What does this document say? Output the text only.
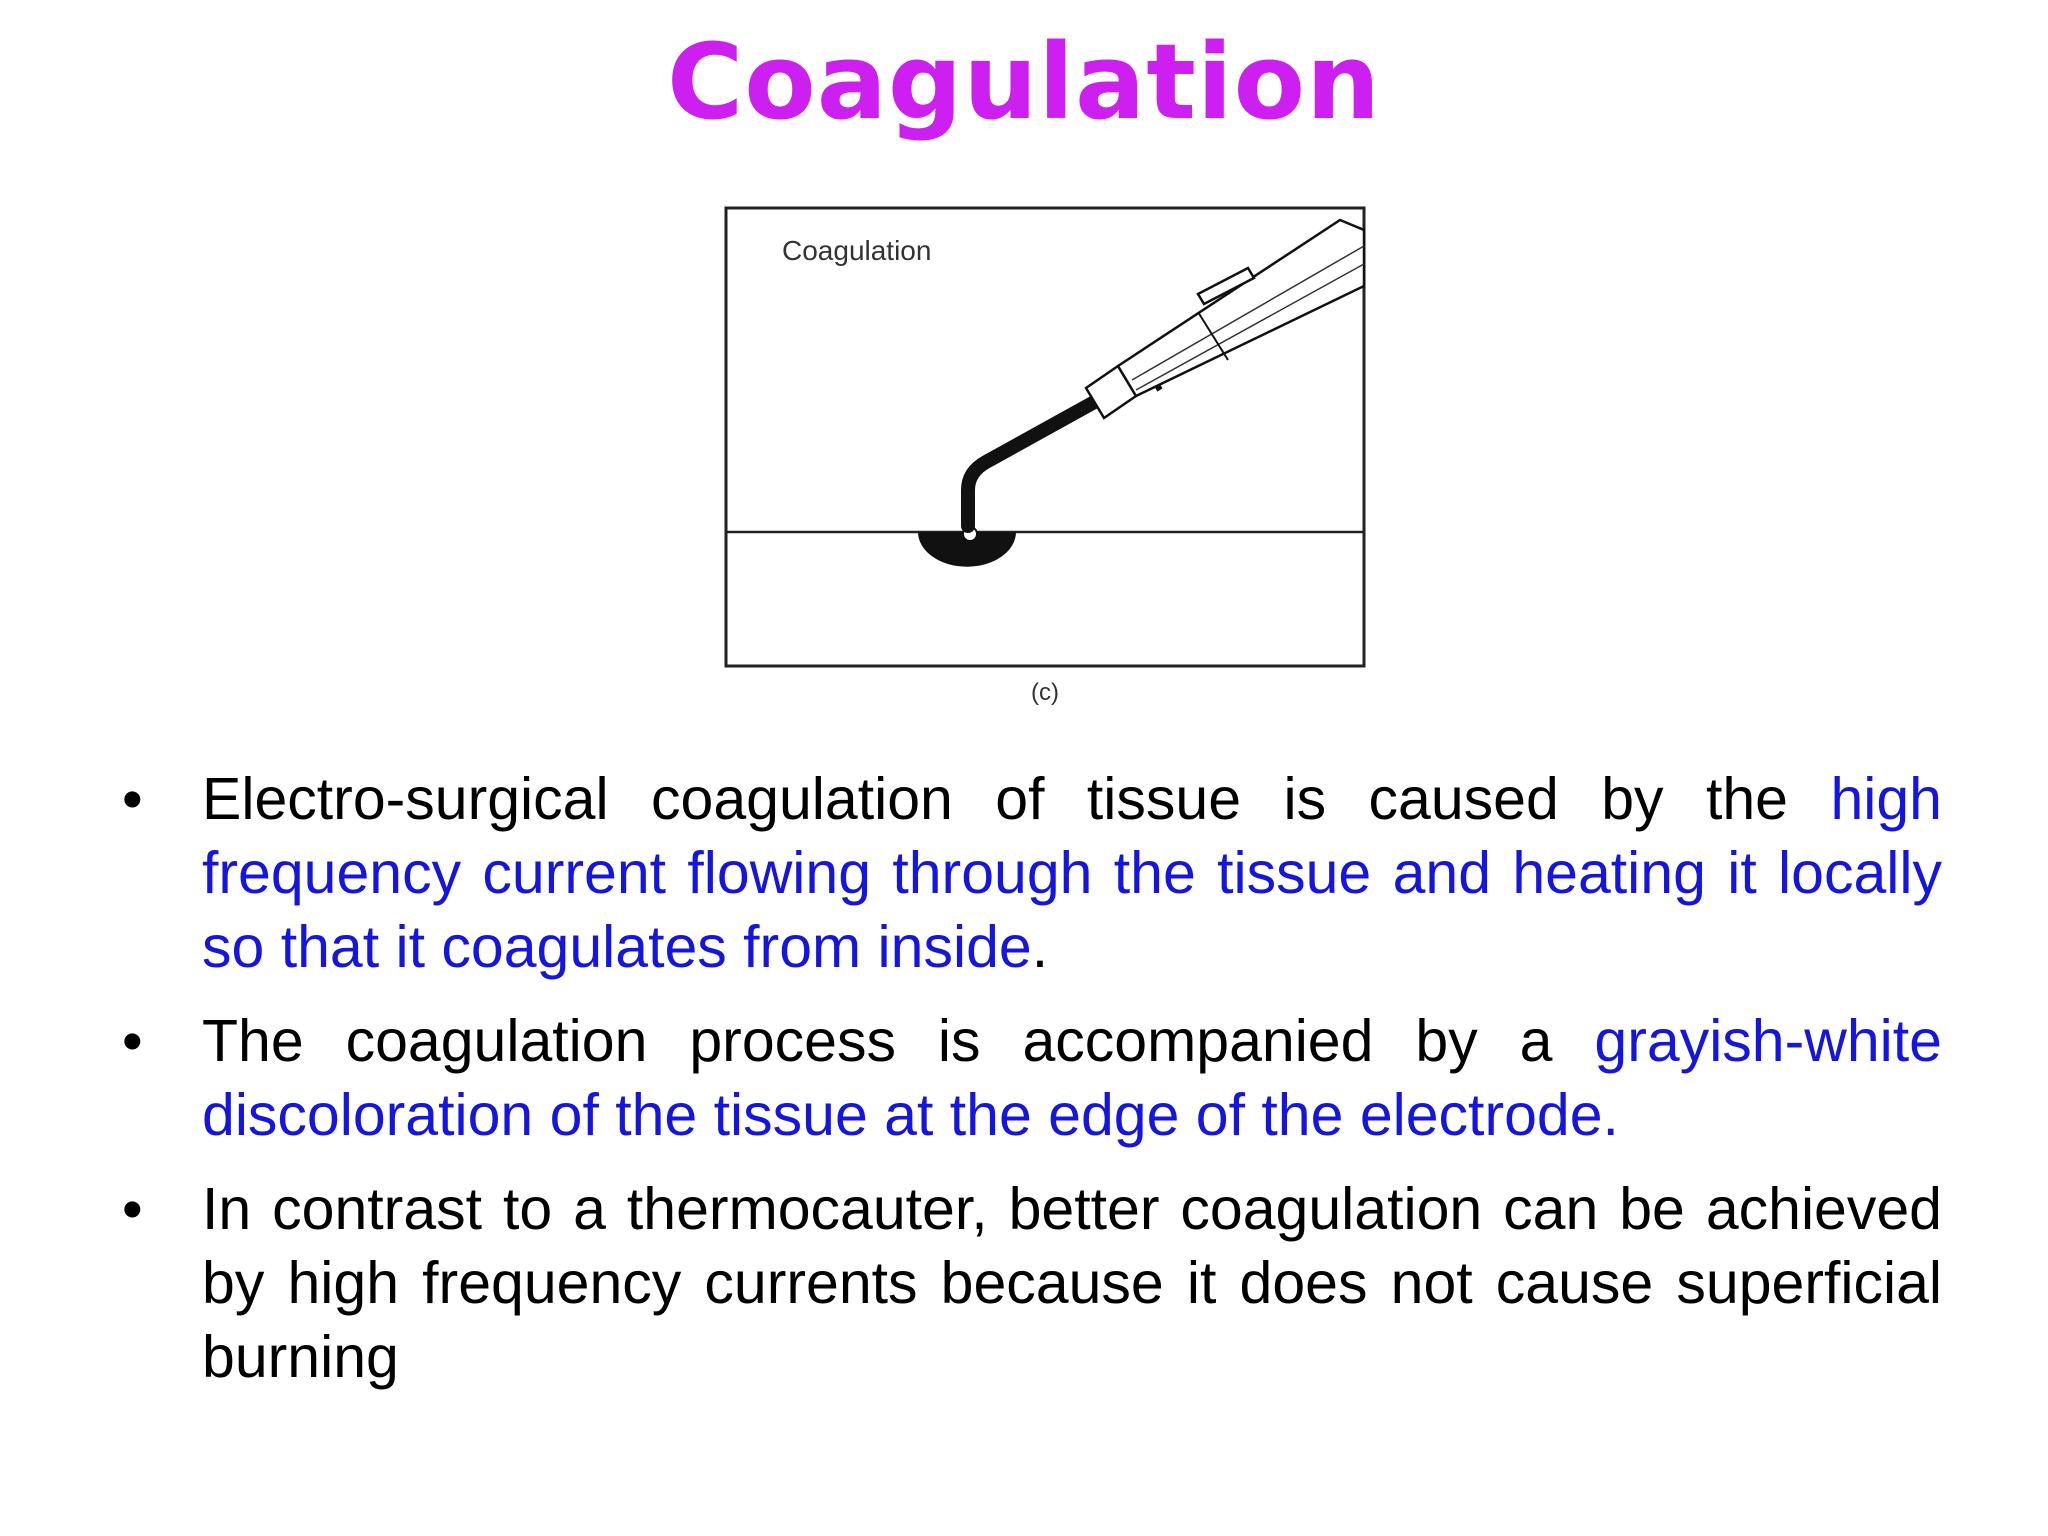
Coagulation
Coagulation
(c)
•	Electro-surgical coagulation of tissue is caused by the high frequency current flowing through the tissue and heating it locally so that it coagulates from inside.
•	The coagulation process is accompanied by a grayish-white discoloration of the tissue at the edge of the electrode.
•	In contrast to a thermocauter, better coagulation can be achieved by high frequency currents because it does not cause superficial burning
